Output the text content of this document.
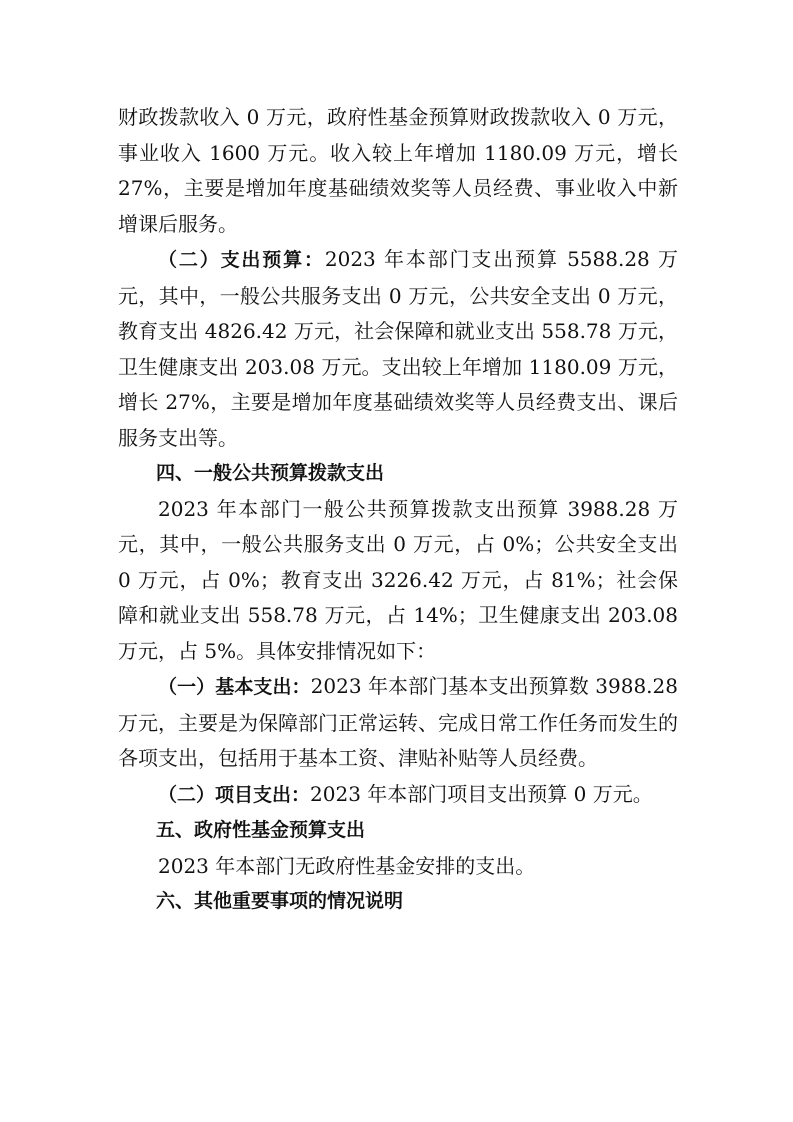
财政拨款收入 0 万元，政府性基金预算财政拨款收入 0 万元，事业收入 1600 万元。收入较上年增加 1180.09 万元，增长 27%，主要是增加年度基础绩效奖等人员经费、事业收入中新增课后服务。

（二）支出预算：2023 年本部门支出预算 5588.28 万元，其中，一般公共服务支出 0 万元，公共安全支出 0 万元，教育支出 4826.42 万元，社会保障和就业支出 558.78 万元，卫生健康支出 203.08 万元。支出较上年增加 1180.09 万元，增长 27%，主要是增加年度基础绩效奖等人员经费支出、课后服务支出等。

四、一般公共预算拨款支出

2023 年本部门一般公共预算拨款支出预算 3988.28 万元，其中，一般公共服务支出 0 万元，占 0%；公共安全支出 0 万元，占 0%；教育支出 3226.42 万元，占 81%；社会保障和就业支出 558.78 万元，占 14%；卫生健康支出 203.08 万元，占 5%。具体安排情况如下：

（一）基本支出：2023 年本部门基本支出预算数 3988.28 万元，主要是为保障部门正常运转、完成日常工作任务而发生的各项支出，包括用于基本工资、津贴补贴等人员经费。

（二）项目支出：2023 年本部门项目支出预算 0 万元。

五、政府性基金预算支出

2023 年本部门无政府性基金安排的支出。

六、其他重要事项的情况说明
